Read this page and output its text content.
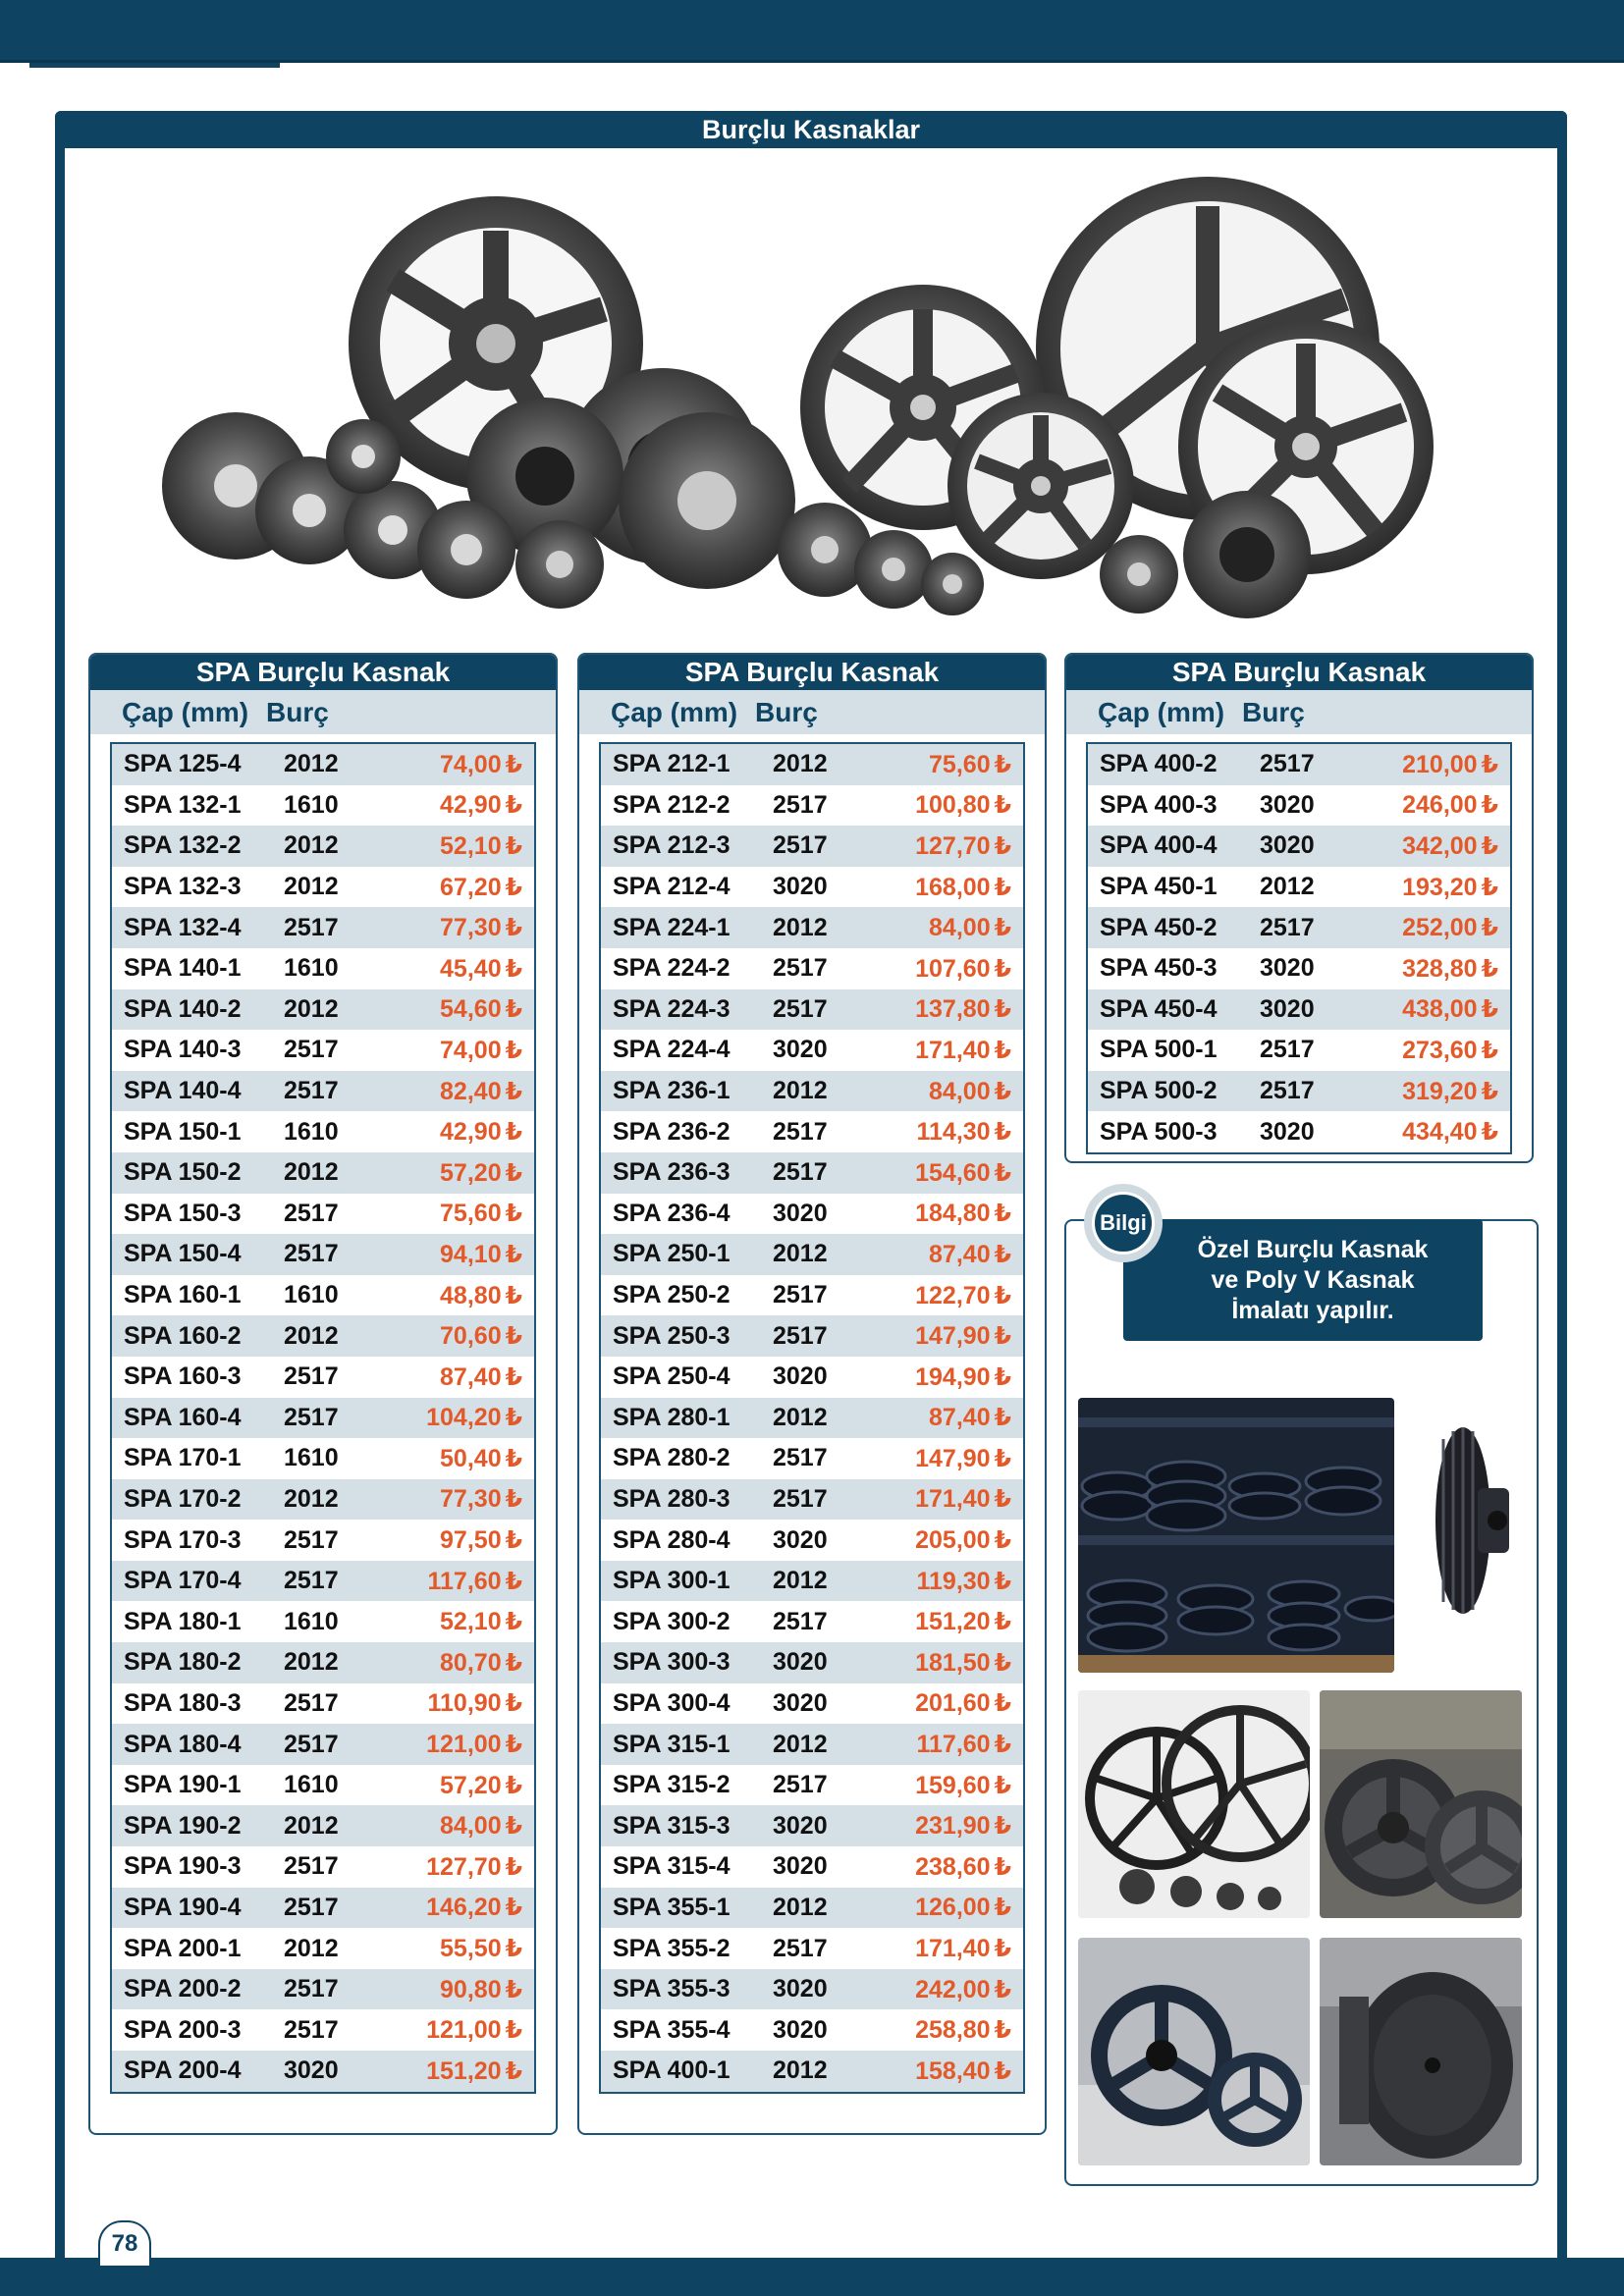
Burçlu Kasnaklar
SPA Burçlu Kasnak
Çap (mm) Burç
SPA 125-4	2012	74,00 ₺
SPA 132-1	1610	42,90 ₺
SPA 132-2	2012	52,10 ₺
SPA 132-3	2012	67,20 ₺
SPA 132-4	2517	77,30 ₺
SPA 140-1	1610	45,40 ₺
SPA 140-2	2012	54,60 ₺
SPA 140-3	2517	74,00 ₺
SPA 140-4	2517	82,40 ₺
SPA 150-1	1610	42,90 ₺
SPA 150-2	2012	57,20 ₺
SPA 150-3	2517	75,60 ₺
SPA 150-4	2517	94,10 ₺
SPA 160-1	1610	48,80 ₺
SPA 160-2	2012	70,60 ₺
SPA 160-3	2517	87,40 ₺
SPA 160-4	2517	104,20 ₺
SPA 170-1	1610	50,40 ₺
SPA 170-2	2012	77,30 ₺
SPA 170-3	2517	97,50 ₺
SPA 170-4	2517	117,60 ₺
SPA 180-1	1610	52,10 ₺
SPA 180-2	2012	80,70 ₺
SPA 180-3	2517	110,90 ₺
SPA 180-4	2517	121,00 ₺
SPA 190-1	1610	57,20 ₺
SPA 190-2	2012	84,00 ₺
SPA 190-3	2517	127,70 ₺
SPA 190-4	2517	146,20 ₺
SPA 200-1	2012	55,50 ₺
SPA 200-2	2517	90,80 ₺
SPA 200-3	2517	121,00 ₺
SPA 200-4	3020	151,20 ₺
SPA Burçlu Kasnak
Çap (mm) Burç
SPA 212-1	2012	75,60 ₺
SPA 212-2	2517	100,80 ₺
SPA 212-3	2517	127,70 ₺
SPA 212-4	3020	168,00 ₺
SPA 224-1	2012	84,00 ₺
SPA 224-2	2517	107,60 ₺
SPA 224-3	2517	137,80 ₺
SPA 224-4	3020	171,40 ₺
SPA 236-1	2012	84,00 ₺
SPA 236-2	2517	114,30 ₺
SPA 236-3	2517	154,60 ₺
SPA 236-4	3020	184,80 ₺
SPA 250-1	2012	87,40 ₺
SPA 250-2	2517	122,70 ₺
SPA 250-3	2517	147,90 ₺
SPA 250-4	3020	194,90 ₺
SPA 280-1	2012	87,40 ₺
SPA 280-2	2517	147,90 ₺
SPA 280-3	2517	171,40 ₺
SPA 280-4	3020	205,00 ₺
SPA 300-1	2012	119,30 ₺
SPA 300-2	2517	151,20 ₺
SPA 300-3	3020	181,50 ₺
SPA 300-4	3020	201,60 ₺
SPA 315-1	2012	117,60 ₺
SPA 315-2	2517	159,60 ₺
SPA 315-3	3020	231,90 ₺
SPA 315-4	3020	238,60 ₺
SPA 355-1	2012	126,00 ₺
SPA 355-2	2517	171,40 ₺
SPA 355-3	3020	242,00 ₺
SPA 355-4	3020	258,80 ₺
SPA 400-1	2012	158,40 ₺
SPA Burçlu Kasnak
Çap (mm) Burç
SPA 400-2	2517	210,00 ₺
SPA 400-3	3020	246,00 ₺
SPA 400-4	3020	342,00 ₺
SPA 450-1	2012	193,20 ₺
SPA 450-2	2517	252,00 ₺
SPA 450-3	3020	328,80 ₺
SPA 450-4	3020	438,00 ₺
SPA 500-1	2517	273,60 ₺
SPA 500-2	2517	319,20 ₺
SPA 500-3	3020	434,40 ₺
Özel Burçlu Kasnak
ve Poly V Kasnak
İmalatı yapılır.
Bilgi
78
